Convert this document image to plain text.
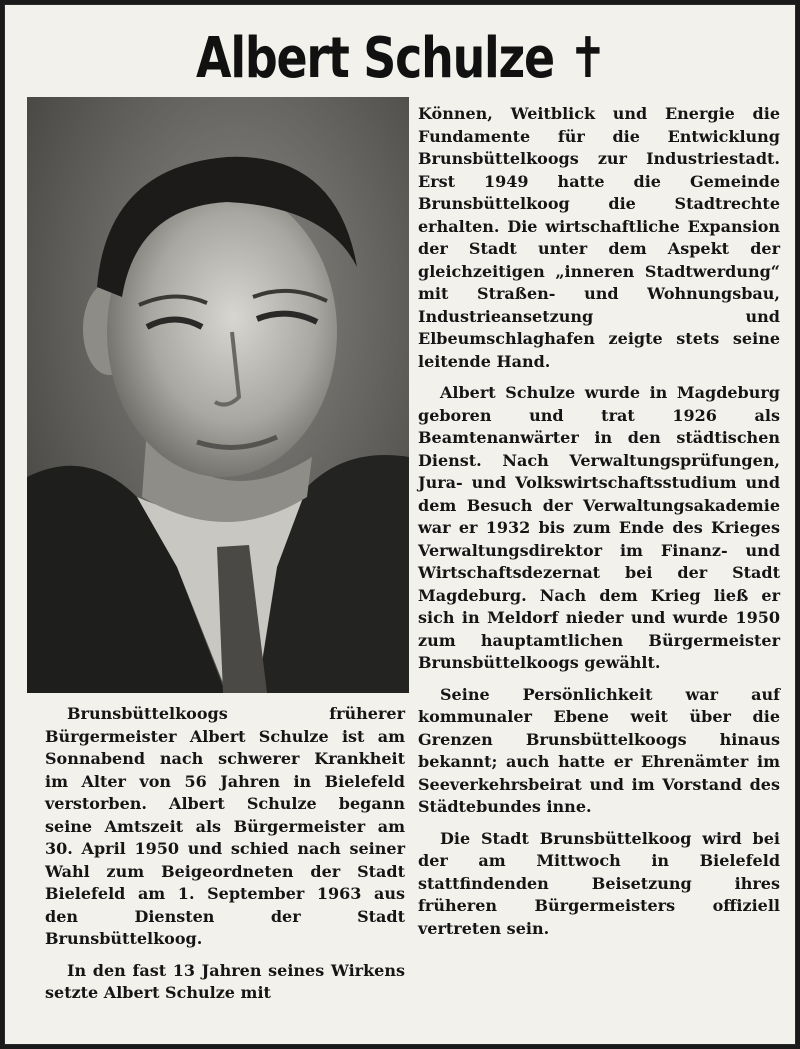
Albert Schulze ✝

Brunsbüttelkoogs früherer Bürgermeister Albert Schulze ist am Sonnabend nach schwerer Krankheit im Alter von 56 Jahren in Bielefeld verstorben. Albert Schulze begann seine Amtszeit als Bürgermeister am 30. April 1950 und schied nach seiner Wahl zum Beigeordneten der Stadt Bielefeld am 1. September 1963 aus den Diensten der Stadt Brunsbüttelkoog.

In den fast 13 Jahren seines Wirkens setzte Albert Schulze mit

Können, Weitblick und Energie die Fundamente für die Entwicklung Brunsbüttelkoogs zur Industriestadt. Erst 1949 hatte die Gemeinde Brunsbüttelkoog die Stadtrechte erhalten. Die wirtschaftliche Expansion der Stadt unter dem Aspekt der gleichzeitigen „inneren Stadtwerdung“ mit Straßen- und Wohnungsbau, Industrieansetzung und Elbeumschlaghafen zeigte stets seine leitende Hand.

Albert Schulze wurde in Magdeburg geboren und trat 1926 als Beamtenanwärter in den städtischen Dienst. Nach Verwaltungsprüfungen, Jura- und Volkswirtschaftsstudium und dem Besuch der Verwaltungsakademie war er 1932 bis zum Ende des Krieges Verwaltungsdirektor im Finanz- und Wirtschaftsdezernat bei der Stadt Magdeburg. Nach dem Krieg ließ er sich in Meldorf nieder und wurde 1950 zum hauptamtlichen Bürgermeister Brunsbüttelkoogs gewählt.

Seine Persönlichkeit war auf kommunaler Ebene weit über die Grenzen Brunsbüttelkoogs hinaus bekannt; auch hatte er Ehrenämter im Seeverkehrsbeirat und im Vorstand des Städtebundes inne.

Die Stadt Brunsbüttelkoog wird bei der am Mittwoch in Bielefeld stattfindenden Beisetzung ihres früheren Bürgermeisters offiziell vertreten sein.
